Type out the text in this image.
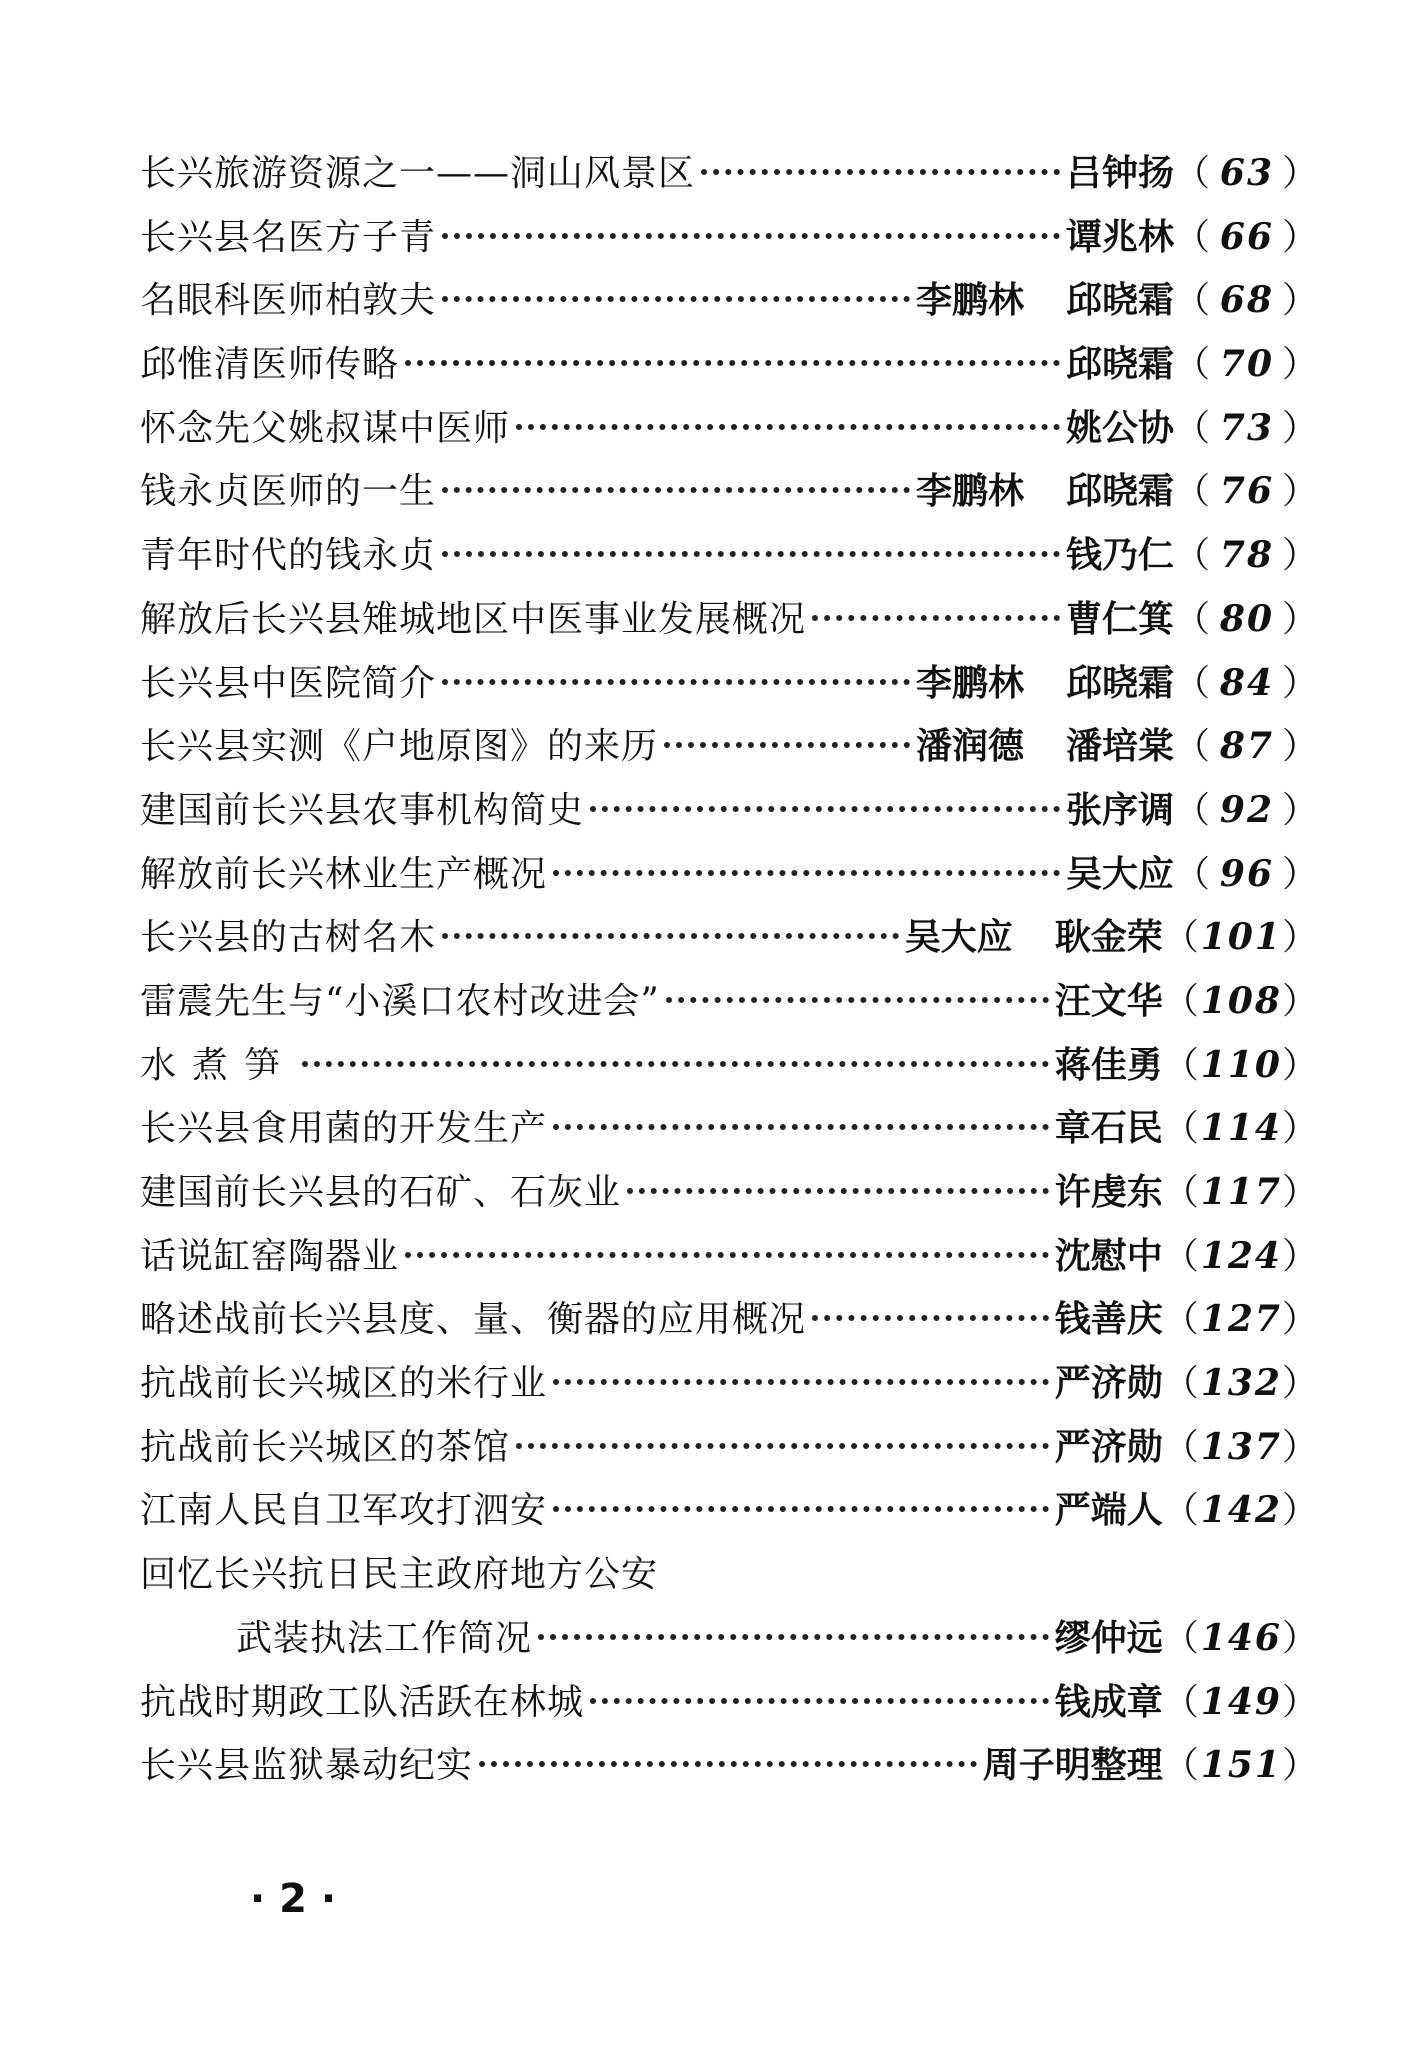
长兴旅游资源之一——洞山风景区	吕钟扬 （ 63 ）
长兴县名医方子青	谭兆林 （ 66 ）
名眼科医师柏敦夫	李鹏林 邱晓霜 （ 68 ）
邱惟清医师传略	邱晓霜 （ 70 ）
怀念先父姚叔谋中医师	姚公协 （ 73 ）
钱永贞医师的一生	李鹏林 邱晓霜 （ 76 ）
青年时代的钱永贞	钱乃仁 （ 78 ）
解放后长兴县雉城地区中医事业发展概况	曹仁箕 （ 80 ）
长兴县中医院简介	李鹏林 邱晓霜 （ 84 ）
长兴县实测《户地原图》的来历	潘润德 潘培棠 （ 87 ）
建国前长兴县农事机构简史	张序调 （ 92 ）
解放前长兴林业生产概况	吴大应 （ 96 ）
长兴县的古树名木	吴大应 耿金荣 （101）
雷震先生与“小溪口农村改进会”	汪文华 （108）
水煮笋	蒋佳勇 （110）
长兴县食用菌的开发生产	章石民 （114）
建国前长兴县的石矿、石灰业	许虔东 （117）
话说缸窑陶器业	沈慰中 （124）
略述战前长兴县度、量、衡器的应用概况	钱善庆 （127）
抗战前长兴城区的米行业	严济勋 （132）
抗战前长兴城区的茶馆	严济勋 （137）
江南人民自卫军攻打泗安	严端人 （142）
回忆长兴抗日民主政府地方公安
武装执法工作简况	缪仲远 （146）
抗战时期政工队活跃在林城	钱成章 （149）
长兴县监狱暴动纪实	周子明整理 （151）
· 2 ·
